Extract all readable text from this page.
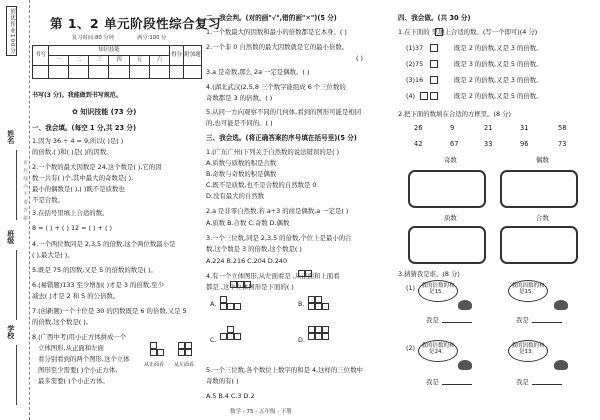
创优作业100分
姓名
班级
学校
密 封 线 内 不 要 答 题
第 1、2 单元阶段性综合复习
复习时间:80 分钟	满分:100 分
书写	知识技能						得分	附加题
	一	二	三	四	五	六		

书写(3 分)。我能做到书写规范。
✿ 知识技能 (73 分)
一、我会填。(每空 1 分,共 23 分)
1.因为 36 ÷ 4 = 9,所以( )是( )
的倍数,( )和( )是( )的因数。
2.一个数的最大因数是 24,这个数是( ),它的因
数一共有( )个,其中最大的奇数是( ),
最小的偶数是( ),( )既不是质数也
不是合数。
3.在括号里填上合适的数。
8 = ( ) + ( ) 12 = ( ) + ( )
4.一个两位数同是 2,3,5 的倍数,这个两位数最小是
( ),最大是( )。
5.既是 75 的因数,又是 5 的倍数的数是( )。
6.(易错题)133 至少增加( )才是 3 的倍数,至少
减去( )才是 2 和 5 的公倍数。
7.(创新题)一个十位是 30 的因数既是 6 的倍数,又是 5
的倍数,这个数是( )。
8.(广西中考)用小正方体拼成一个
立体图形,从正面和左面
看分别看到的两个图形,这个立体
图形至少需要( )个小正方体,
最多需要( )个小正方体。
从正面看 从左面看
二、我会判。(对的画"√",错的画"✕")(5 分)
1.一个数最大的因数和最小的倍数都是它本身。( )
2.一个非 0 自然数的最大因数就是它的最小倍数。
( )
3.a 是奇数,那么 2a 一定是偶数。( )
4.(湖北武汉)2,5,8 三个数字能组成 6 个三位数的
奇数都是 3 的倍数。( )
5.从同一方向观察不同的几何体,看到的图形可能是相同
的,也可能是不同的。( )
三、我会选。(将正确答案的序号填在括号里)(5 分)
1.(广东广州)下列关于自然数的说法错误的是( )
A.质数与质数的积是合数
B.奇数与奇数的积是偶数
C.既不是质数,也不是合数的自然数是 0
D.没有最大的自然数
2.a 是非零自然数,若 a÷3 的商是偶数,a 一定是( )
A.质数 B.合数 C.奇数 D.偶数
3.一个三位数,同是 2,3,5 的倍数,个位上是最小的合
数,这个数是 3 的倍数,这个数是( )
A.224 B.216 C.204 D.240
4.有一个立体图形,从左面看是 ,从正面和上面看
都是 ,这个立体图形是下面的( )
A.	B.
C.	D.
5.一个三位数,各个数位上数字的和是 4,这样的三位数中
奇数的有( )
A.5 B.4 C.3 D.2
四、我会做。(共 30 分)
1.在下面的 里填上合适的数。(写一个即可)(4 分)
(1)37	既是 2 的倍数,又是 3 的倍数。
(2)75	既是 3 的倍数,又是 5 的倍数。
(3)16	既是 2 的倍数,又是 3 的倍数。
(4)	既是 2 的倍数,又是 5 的倍数。
2.把下面的数填在合适的方框里。(8 分)
26	9	21	31	58
42	67	33	96	73
奇数	偶数
质数	合数
3.猜猜我是谁。(8 分)
(1)	我的倍数的和是15。
我的因数的和是15。
我是	我是
(2)	我的倍数的和是24。
我的因数的和是13。
我是	我是
数学 - 75 - 五年级 · 下册
